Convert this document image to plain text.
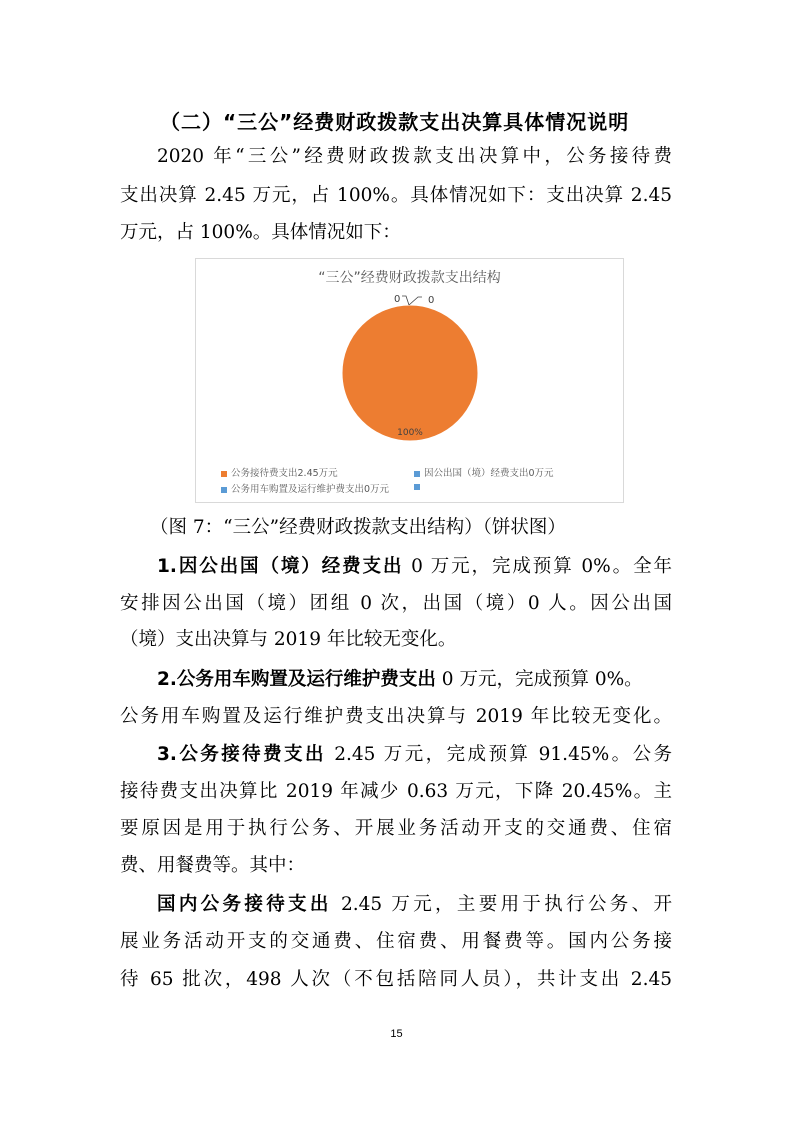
（二）“三公”经费财政拨款支出决算具体情况说明
2020 年“三公”经费财政拨款支出决算中，公务接待费
支出决算 2.45 万元，占 100%。具体情况如下：支出决算 2.45
万元，占 100%。具体情况如下：
“三公”经费财政拨款支出结构
0	0
100%
公务接待费支出2.45万元	因公出国（境）经费支出0万元
公务用车购置及运行维护费支出0万元
（图 7：“三公”经费财政拨款支出结构）（饼状图）
1.因公出国（境）经费支出 0 万元，完成预算 0%。全年
安排因公出国（境）团组 0 次，出国（境）0 人。因公出国
（境）支出决算与 2019 年比较无变化。
2.公务用车购置及运行维护费支出 0 万元，完成预算 0%。
公务用车购置及运行维护费支出决算与 2019 年比较无变化。
3.公务接待费支出 2.45 万元，完成预算 91.45%。公务
接待费支出决算比 2019 年减少 0.63 万元，下降 20.45%。主
要原因是用于执行公务、开展业务活动开支的交通费、住宿
费、用餐费等。其中：
国内公务接待支出 2.45 万元，主要用于执行公务、开
展业务活动开支的交通费、住宿费、用餐费等。国内公务接
待 65 批次，498 人次（不包括陪同人员），共计支出 2.45
15
